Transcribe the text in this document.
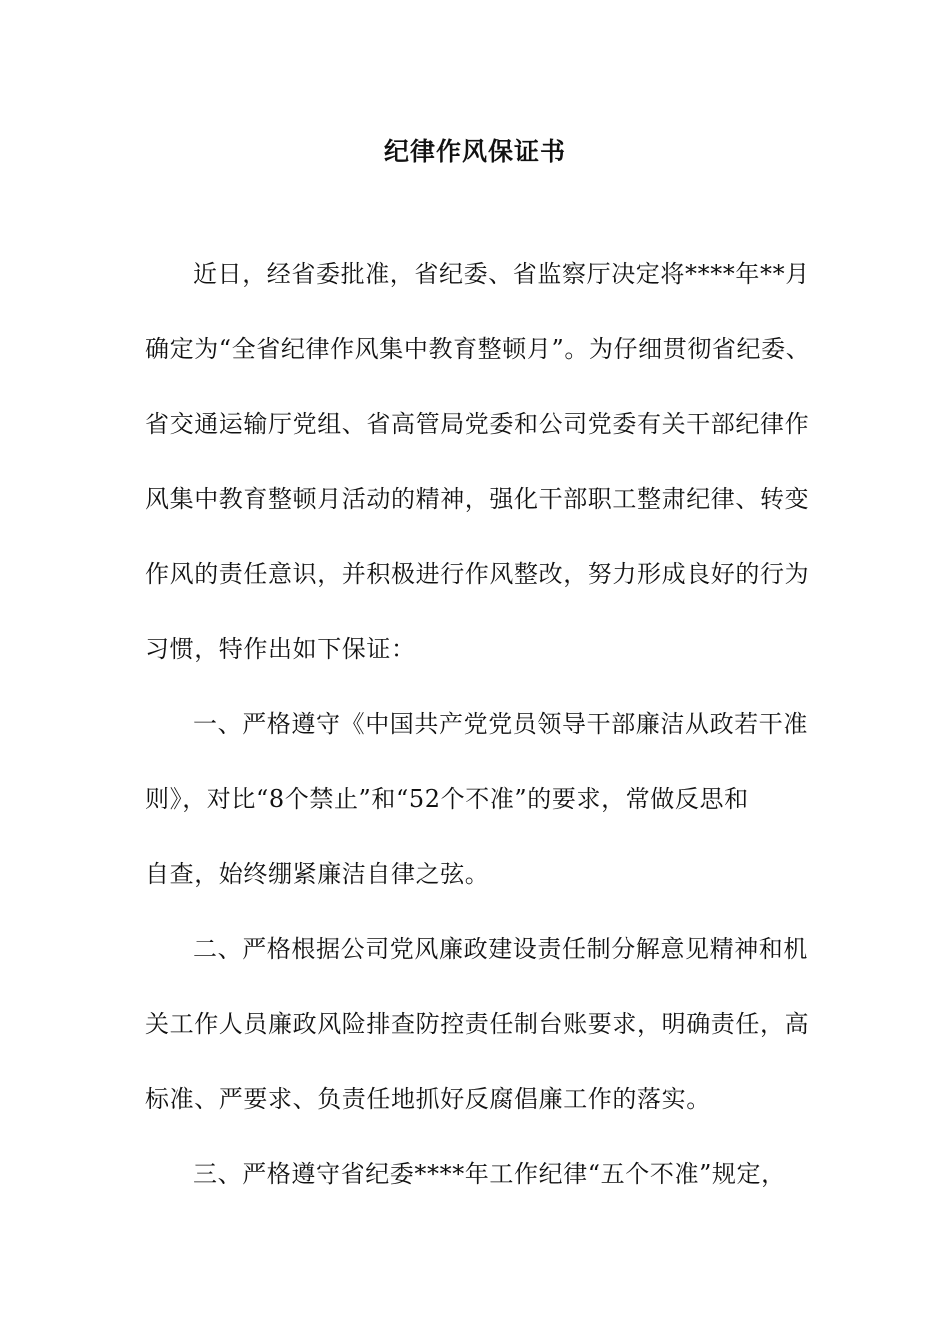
纪律作风保证书
近日，经省委批准，省纪委、省监察厅决定将****年**月
确定为“全省纪律作风集中教育整顿月”。为仔细贯彻省纪委、
省交通运输厅党组、省高管局党委和公司党委有关干部纪律作
风集中教育整顿月活动的精神，强化干部职工整肃纪律、转变
作风的责任意识，并积极进行作风整改，努力形成良好的行为
习惯，特作出如下保证：
一、严格遵守《中国共产党党员领导干部廉洁从政若干准
则》，对比“8个禁止”和“52个不准”的要求，常做反思和
自查，始终绷紧廉洁自律之弦。
二、严格根据公司党风廉政建设责任制分解意见精神和机
关工作人员廉政风险排查防控责任制台账要求，明确责任，高
标准、严要求、负责任地抓好反腐倡廉工作的落实。
三、严格遵守省纪委****年工作纪律“五个不准”规定，
